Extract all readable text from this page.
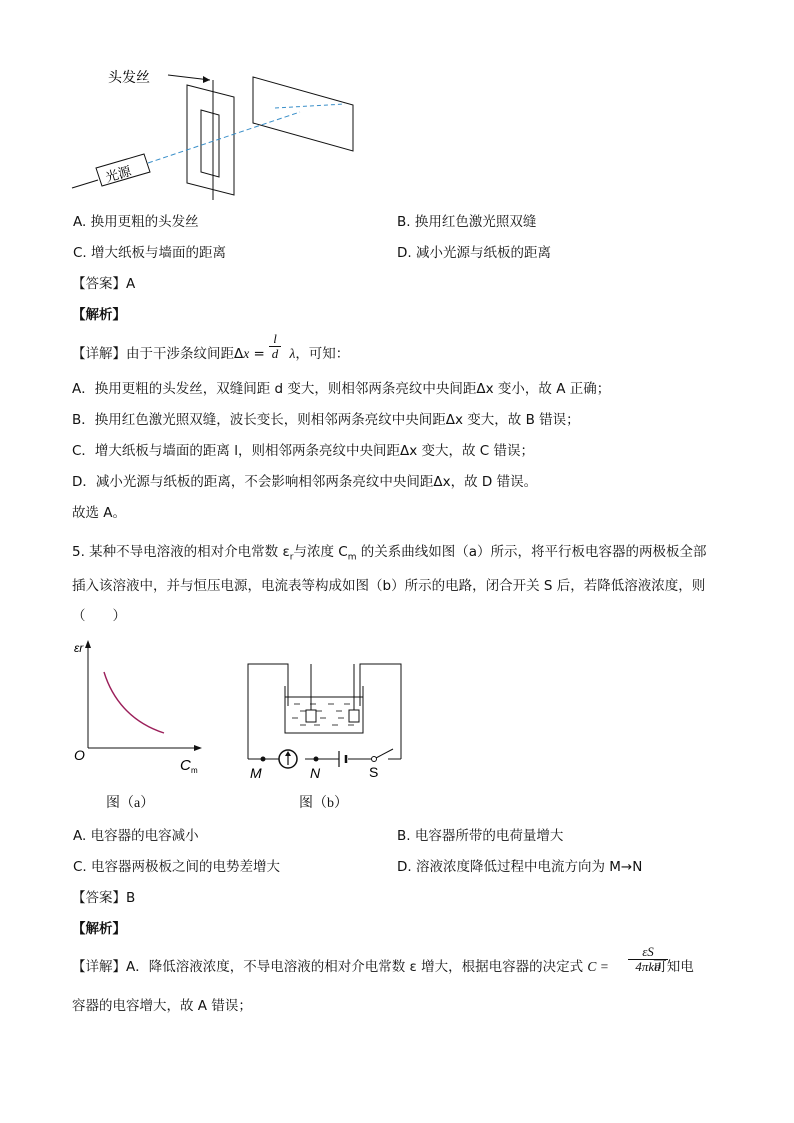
头发丝
光源
A. 换用更粗的头发丝	B. 换用红色激光照双缝
C. 增大纸板与墙面的距离	D. 减小光源与纸板的距离
【答案】A
【解析】
【详解】由于干涉条纹间距Δx = λ，可知：
l
d
A．换用更粗的头发丝，双缝间距 d 变大，则相邻两条亮纹中央间距Δx 变小，故 A 正确；
B．换用红色激光照双缝，波长变长，则相邻两条亮纹中央间距Δx 变大，故 B 错误；
C．增大纸板与墙面的距离 l，则相邻两条亮纹中央间距Δx 变大，故 C 错误；
D．减小光源与纸板的距离，不会影响相邻两条亮纹中央间距Δx，故 D 错误。
故选 A。
5. 某种不导电溶液的相对介电常数 $\varepsilon_r$与浓度 $C_m$ 的关系曲线如图（a）所示，将平行板电容器的两极板全部
插入该溶液中，并与恒压电源，电流表等构成如图（b）所示的电路，闭合开关 S 后，若降低溶液浓度，则
（　　）
εr
O
C m
图（a）
M	N	S
图（b）
A. 电容器的电容减小	B. 电容器所带的电荷量增大
C. 电容器两极板之间的电势差增大	D. 溶液浓度降低过程中电流方向为 M→N
【答案】B
【解析】
【详解】A．降低溶液浓度，不导电溶液的相对介电常数 ε 增大，根据电容器的决定式 C =	可知电
εS
4πkd
容器的电容增大，故 A 错误；
